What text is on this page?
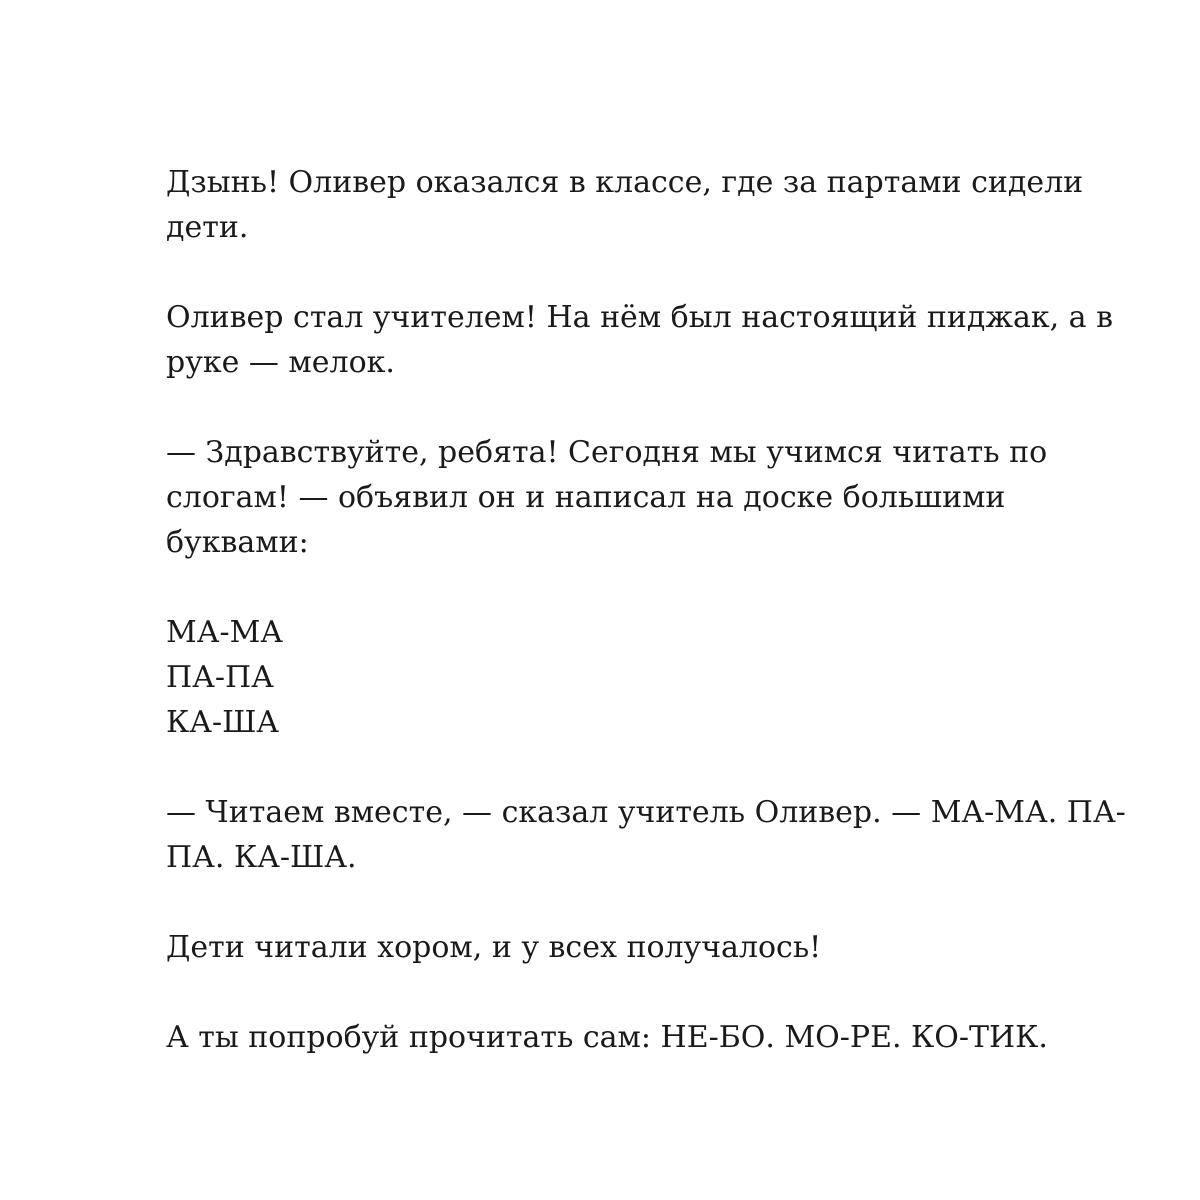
Дзынь! Оливер оказался в классе, где за партами сидели
дети.

Оливер стал учителем! На нём был настоящий пиджак, а в
руке — мелок.

— Здравствуйте, ребята! Сегодня мы учимся читать по
слогам! — объявил он и написал на доске большими
буквами:

МА-МА
ПА-ПА
КА-ША

— Читаем вместе, — сказал учитель Оливер. — МА-МА. ПА-
ПА. КА-ША.

Дети читали хором, и у всех получалось!

А ты попробуй прочитать сам: НЕ-БО. МО-РЕ. КО-ТИК.
